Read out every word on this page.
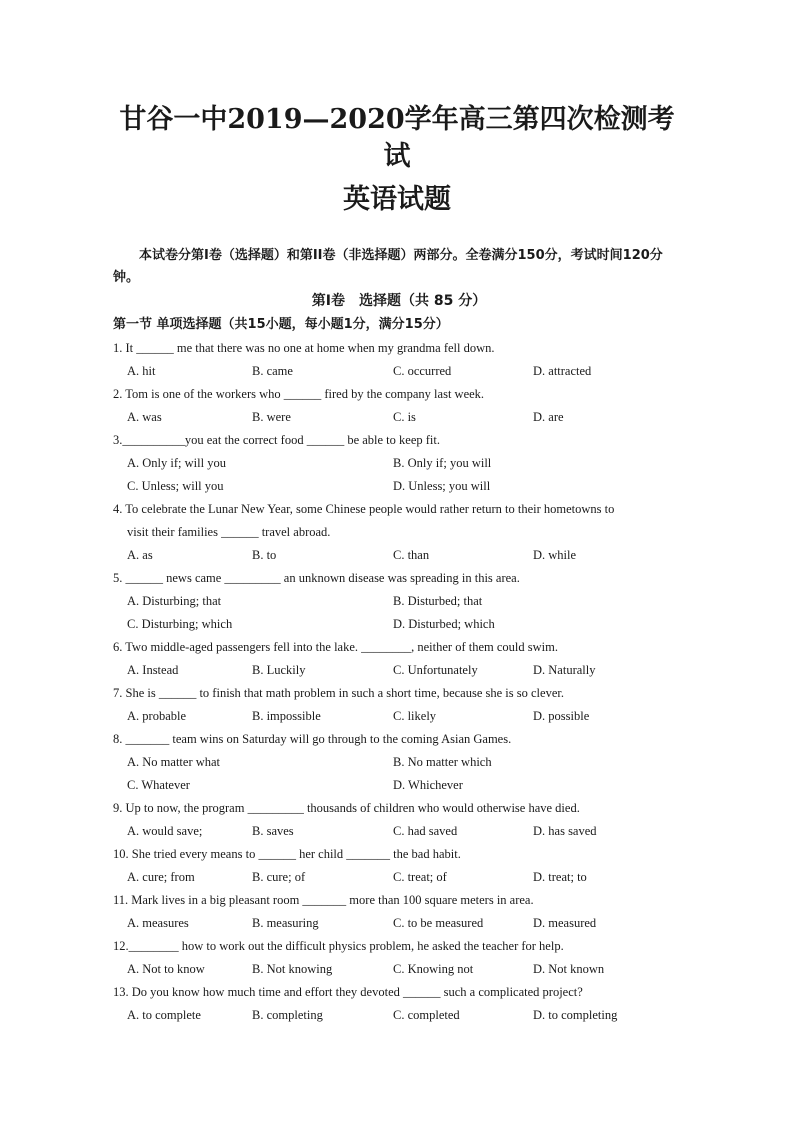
甘谷一中2019—2020学年高三第四次检测考
试
英语试题

本试卷分第I卷（选择题）和第II卷（非选择题）两部分。全卷满分150分，考试时间120分钟。

第Ⅰ卷　选择题（共 85 分）

第一节 单项选择题（共15小题，每小题1分，满分15分）

1. It ______ me that there was no one at home when my grandma fell down.
A. hit	B. came	C. occurred	D. attracted
2. Tom is one of the workers who ______ fired by the company last week.
A. was	B. were	C. is	D. are
3.__________you eat the correct food ______ be able to keep fit.
A. Only if; will you	B. Only if; you will
C. Unless; will you	D. Unless; you will
4. To celebrate the Lunar New Year, some Chinese people would rather return to their hometowns to
visit their families ______ travel abroad.
A. as	B. to	C. than	D. while
5. ______ news came _________ an unknown disease was spreading in this area.
A. Disturbing; that	B. Disturbed; that
C. Disturbing; which	D. Disturbed; which
6. Two middle-aged passengers fell into the lake. ________, neither of them could swim.
A. Instead	B. Luckily	C. Unfortunately	D. Naturally
7. She is ______ to finish that math problem in such a short time, because she is so clever.
A. probable	B. impossible	C. likely	D. possible
8. _______ team wins on Saturday will go through to the coming Asian Games.
A. No matter what	B. No matter which
C. Whatever	D. Whichever
9. Up to now, the program _________ thousands of children who would otherwise have died.
A. would save;	B. saves	C. had saved	D. has saved
10. She tried every means to ______ her child _______ the bad habit.
A. cure; from	B. cure; of	C. treat; of	D. treat; to
11. Mark lives in a big pleasant room _______ more than 100 square meters in area.
A. measures	B. measuring	C. to be measured	D. measured
12.________ how to work out the difficult physics problem, he asked the teacher for help.
A. Not to know	B. Not knowing	C. Knowing not	D. Not known
13. Do you know how much time and effort they devoted ______ such a complicated project?
A. to complete	B. completing	C. completed	D. to completing
